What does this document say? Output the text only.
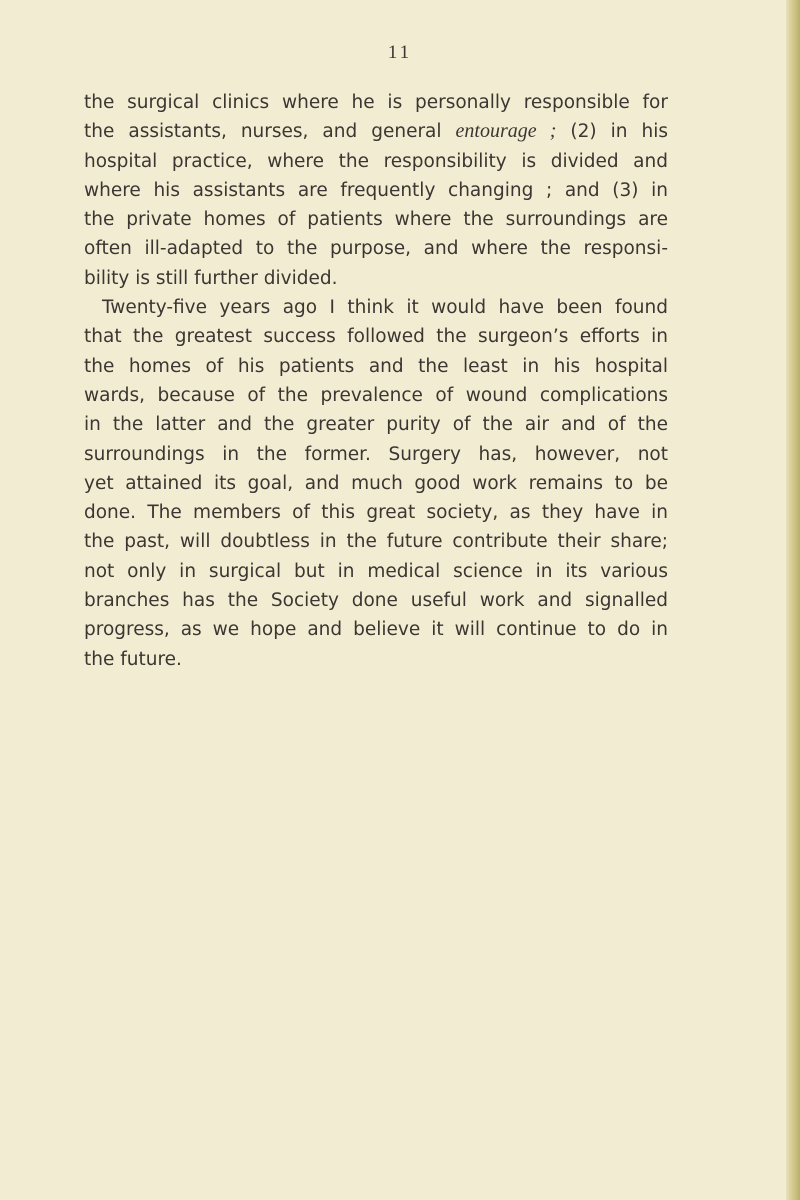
11
the surgical clinics where he is personally responsible for
the assistants, nurses, and general entourage ; (2) in his
hospital practice, where the responsibility is divided and
where his assistants are frequently changing ; and (3) in
the private homes of patients where the surroundings are
often ill-adapted to the purpose, and where the responsi-
bility is still further divided.
Twenty-five years ago I think it would have been found
that the greatest success followed the surgeon’s efforts in
the homes of his patients and the least in his hospital
wards, because of the prevalence of wound complications
in the latter and the greater purity of the air and of the
surroundings in the former. Surgery has, however, not
yet attained its goal, and much good work remains to be
done. The members of this great society, as they have in
the past, will doubtless in the future contribute their share;
not only in surgical but in medical science in its various
branches has the Society done useful work and signalled
progress, as we hope and believe it will continue to do in
the future.
